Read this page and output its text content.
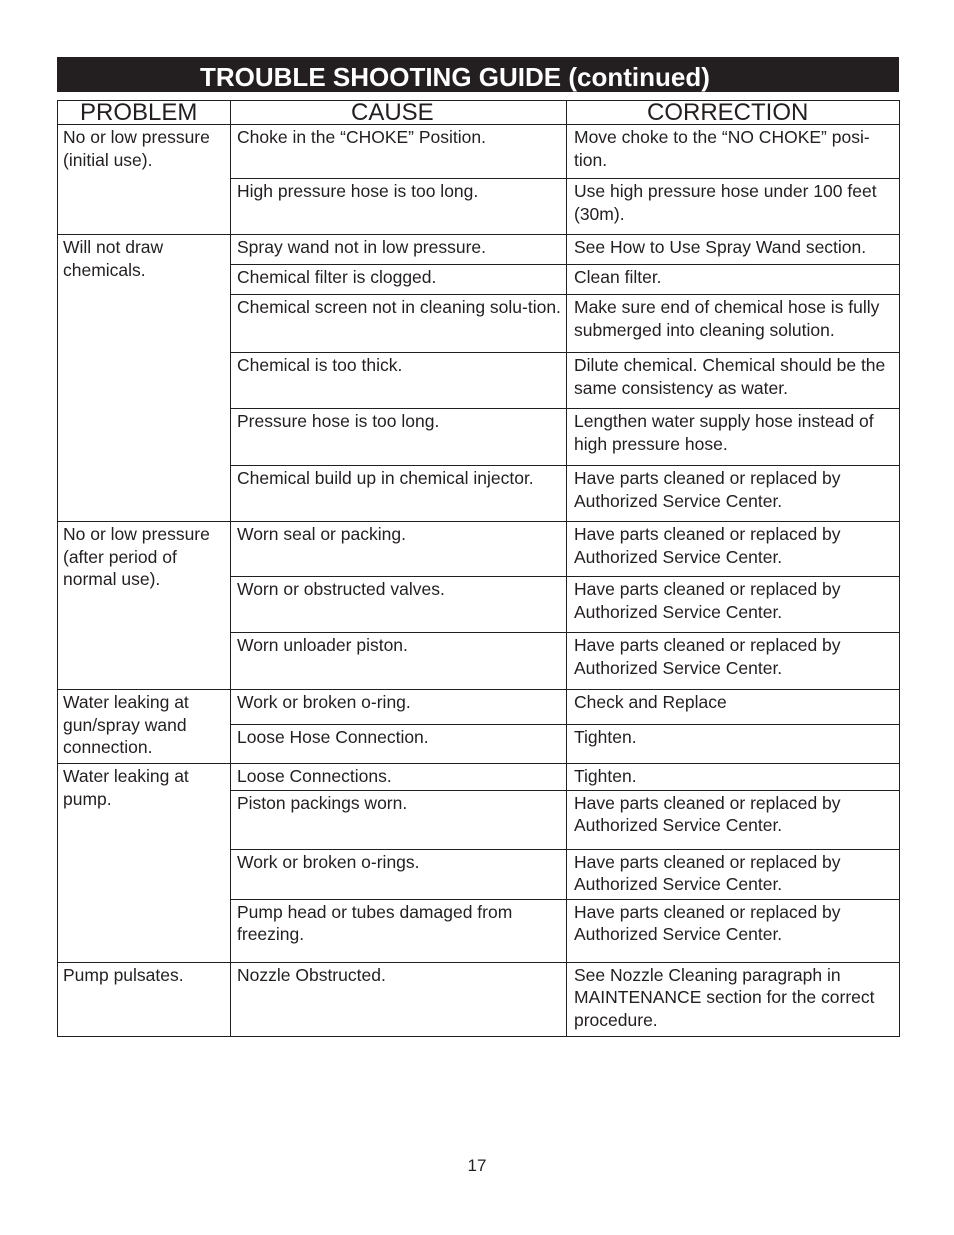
TROUBLE SHOOTING GUIDE (continued)
PROBLEM	CAUSE	CORRECTION
No or low pressure (initial use).	Choke in the “CHOKE” Position.	Move choke to the “NO CHOKE” posi-tion.
	High pressure hose is too long.	Use high pressure hose under 100 feet (30m).
Will not draw chemicals.	Spray wand not in low pressure.	See How to Use Spray Wand section.
	Chemical filter is clogged.	Clean filter.
	Chemical screen not in cleaning solu-tion.	Make sure end of chemical hose is fully submerged into cleaning solution.
	Chemical is too thick.	Dilute chemical. Chemical should be the same consistency as water.
	Pressure hose is too long.	Lengthen water supply hose instead of high pressure hose.
	Chemical build up in chemical injector.	Have parts cleaned or replaced by Authorized Service Center.
No or low pressure (after period of normal use).	Worn seal or packing.	Have parts cleaned or replaced by Authorized Service Center.
	Worn or obstructed valves.	Have parts cleaned or replaced by Authorized Service Center.
	Worn unloader piston.	Have parts cleaned or replaced by Authorized Service Center.
Water leaking at gun/spray wand connection.	Work or broken o-ring.	Check and Replace
	Loose Hose Connection.	Tighten.
Water leaking at pump.	Loose Connections.	Tighten.
	Piston packings worn.	Have parts cleaned or replaced by Authorized Service Center.
	Work or broken o-rings.	Have parts cleaned or replaced by Authorized Service Center.
	Pump head or tubes damaged from freezing.	Have parts cleaned or replaced by Authorized Service Center.
Pump pulsates.	Nozzle Obstructed.	See Nozzle Cleaning paragraph in MAINTENANCE section for the correct procedure.
17
